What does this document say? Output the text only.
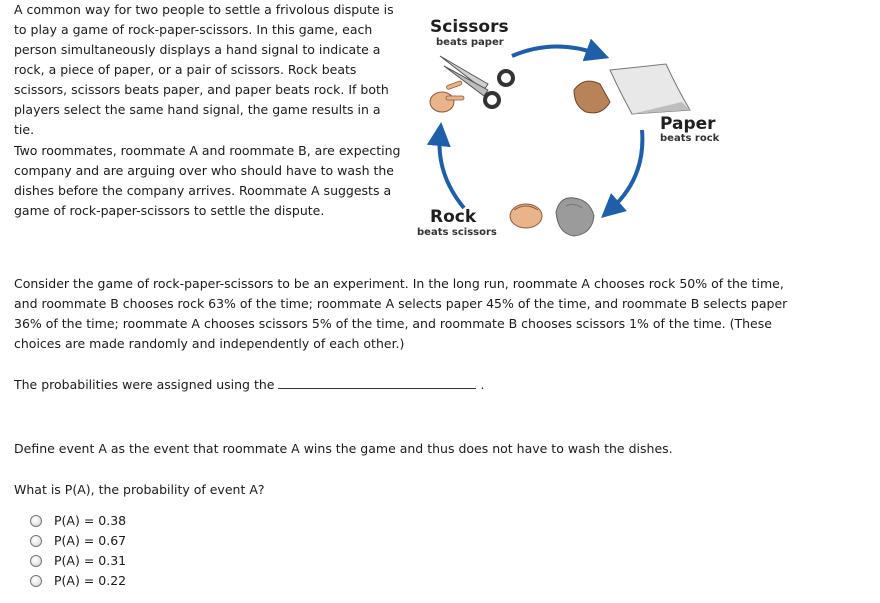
A common way for two people to settle a frivolous dispute is to play a game of rock-paper-scissors. In this game, each person simultaneously displays a hand signal to indicate a rock, a piece of paper, or a pair of scissors. Rock beats scissors, scissors beats paper, and paper beats rock. If both players select the same hand signal, the game results in a tie.

Two roommates, roommate A and roommate B, are expecting company and are arguing over who should have to wash the dishes before the company arrives. Roommate A suggests a game of rock-paper-scissors to settle the dispute.

Scissors
beats paper
Paper
beats rock
Rock
beats scissors

Consider the game of rock-paper-scissors to be an experiment. In the long run, roommate A chooses rock 50% of the time, and roommate B chooses rock 63% of the time; roommate A selects paper 45% of the time, and roommate B selects paper 36% of the time; roommate A chooses scissors 5% of the time, and roommate B chooses scissors 1% of the time. (These choices are made randomly and independently of each other.)

The probabilities were assigned using the	.

Define event A as the event that roommate A wins the game and thus does not have to wash the dishes.

What is P(A), the probability of event A?

P(A) = 0.38
P(A) = 0.67
P(A) = 0.31
P(A) = 0.22
